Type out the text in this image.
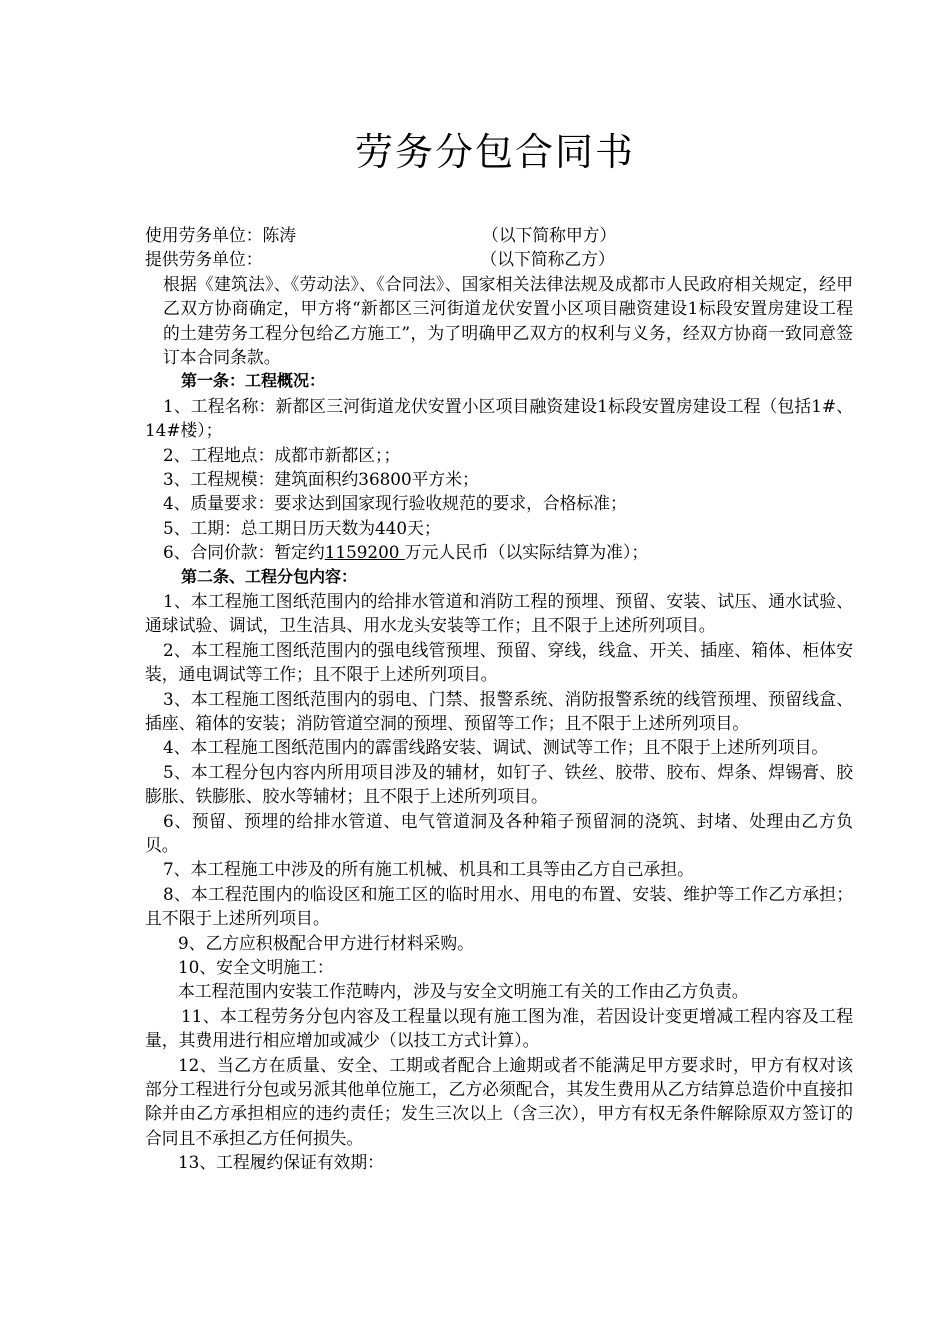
劳务分包合同书
使用劳务单位：陈涛	（以下简称甲方）
提供劳务单位：	（以下简称乙方）
根据《建筑法》、《劳动法》、《合同法》、国家相关法律法规及成都市人民政府相关规定，经甲乙双方协商确定，甲方将“新都区三河街道龙伏安置小区项目融资建设1标段安置房建设工程的土建劳务工程分包给乙方施工”，为了明确甲乙双方的权利与义务，经双方协商一致同意签订本合同条款。
第一条：工程概况：
1、工程名称：新都区三河街道龙伏安置小区项目融资建设1标段安置房建设工程（包括1#、14#楼）；
2、工程地点：成都市新都区；；
3、工程规模：建筑面积约36800平方米；
4、质量要求：要求达到国家现行验收规范的要求，合格标准；
5、工期：总工期日历天数为440天；
6、合同价款：暂定约1159200 万元人民币（以实际结算为准）；
第二条、工程分包内容：
1、本工程施工图纸范围内的给排水管道和消防工程的预埋、预留、安装、试压、通水试验、通球试验、调试，卫生洁具、用水龙头安装等工作；且不限于上述所列项目。
2、本工程施工图纸范围内的强电线管预埋、预留、穿线，线盒、开关、插座、箱体、柜体安装，通电调试等工作；且不限于上述所列项目。
3、本工程施工图纸范围内的弱电、门禁、报警系统、消防报警系统的线管预埋、预留线盒、插座、箱体的安装；消防管道空洞的预埋、预留等工作；且不限于上述所列项目。
4、本工程施工图纸范围内的霹雷线路安装、调试、测试等工作；且不限于上述所列项目。
5、本工程分包内容内所用项目涉及的辅材，如钉子、铁丝、胶带、胶布、焊条、焊锡膏、胶膨胀、铁膨胀、胶水等辅材；且不限于上述所列项目。
6、预留、预埋的给排水管道、电气管道洞及各种箱子预留洞的浇筑、封堵、处理由乙方负贝。
7、本工程施工中涉及的所有施工机械、机具和工具等由乙方自己承担。
8、本工程范围内的临设区和施工区的临时用水、用电的布置、安装、维护等工作乙方承担；且不限于上述所列项目。
9、乙方应积极配合甲方进行材料采购。
10、安全文明施工：
本工程范围内安装工作范畴内，涉及与安全文明施工有关的工作由乙方负责。
11、本工程劳务分包内容及工程量以现有施工图为准，若因设计变更增减工程内容及工程量，其费用进行相应增加或减少（以技工方式计算）。
12、当乙方在质量、安全、工期或者配合上逾期或者不能满足甲方要求时，甲方有权对该部分工程进行分包或另派其他单位施工，乙方必须配合，其发生费用从乙方结算总造价中直接扣除并由乙方承担相应的违约责任；发生三次以上（含三次），甲方有权无条件解除原双方签订的合同且不承担乙方任何损失。
13、工程履约保证有效期：
